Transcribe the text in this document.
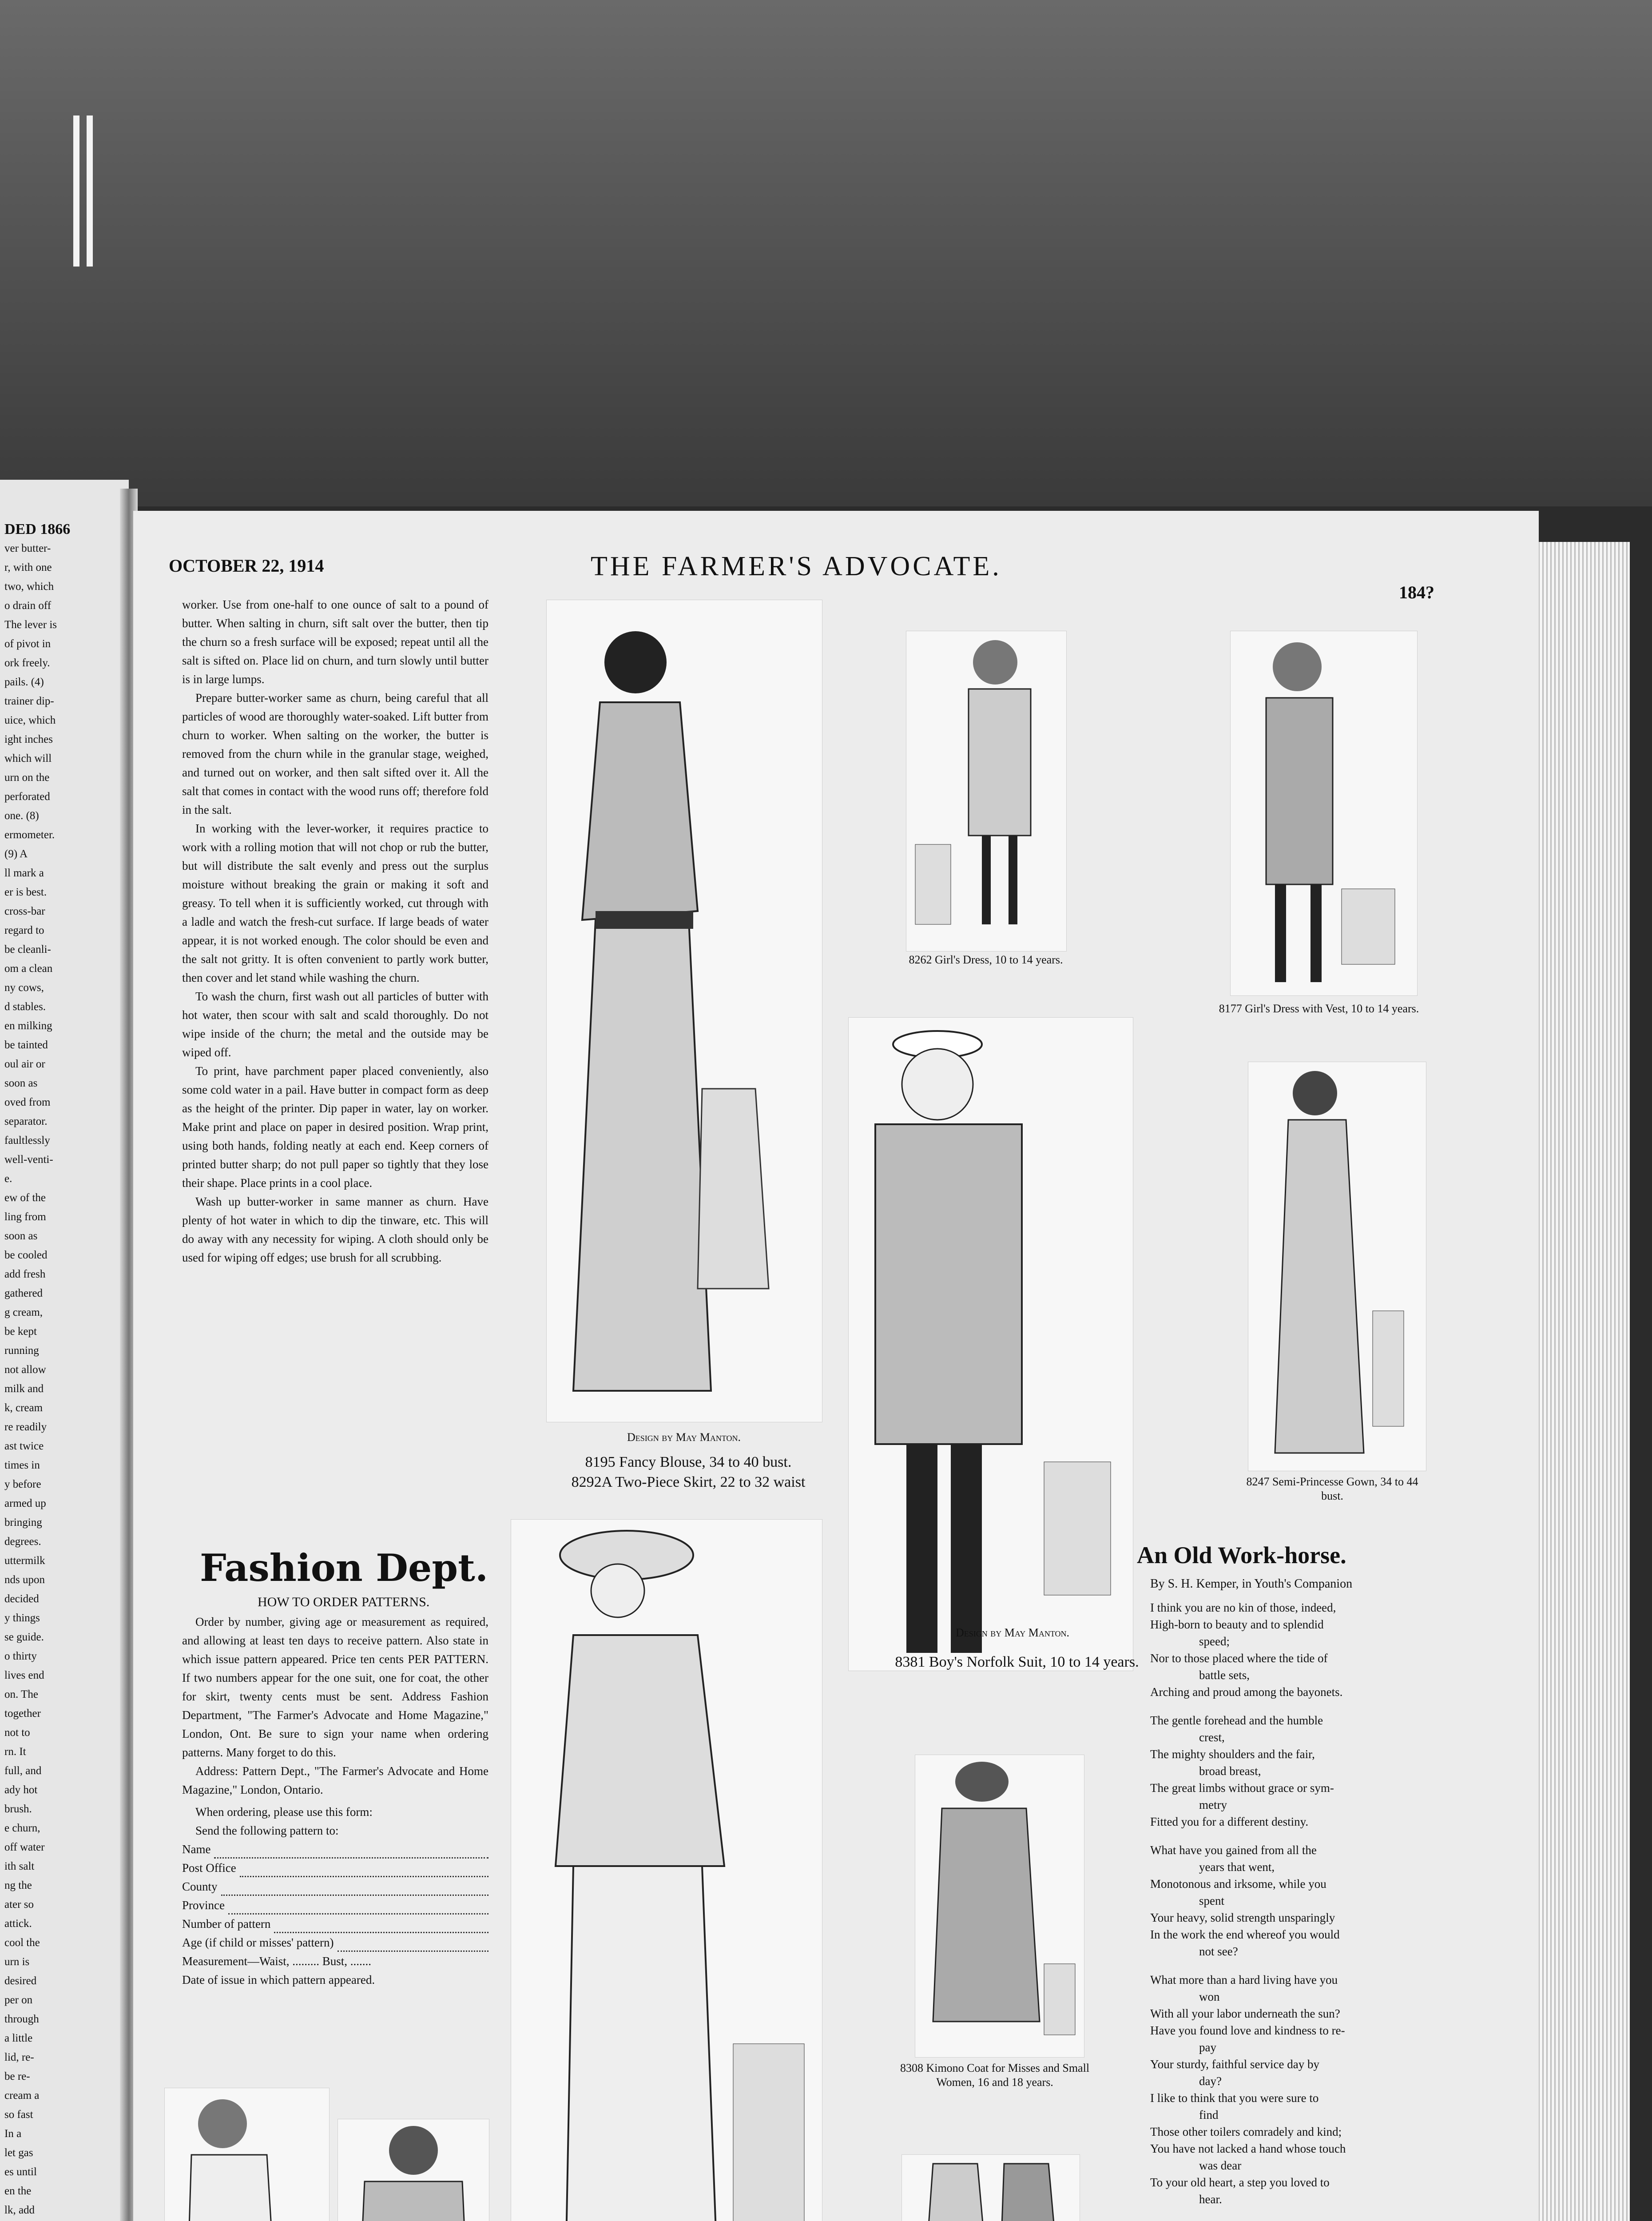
DED 1866

ver butter-

r, with one

two, which

o drain off

The lever is

of pivot in

ork freely.

pails. (4)

trainer dip-

uice, which

ight inches

which will

urn on the

perforated

one. (8)

ermometer.

(9) A

ll mark a

er is best.

cross-bar

regard to

be cleanli-

om a clean

ny cows,

d stables.

en milking

be tainted

oul air or

soon as

oved from

separator.

faultlessly

well-venti-

e.

ew of the

ling from

soon as

be cooled

add fresh

gathered

g cream,

be kept

running

not allow

milk and

k, cream

re readily

ast twice

times in

y before

armed up

bringing

degrees.

uttermilk

nds upon

decided

y things

se guide.

o thirty

lives end

on. The

together

not to

rn. It

full, and

ady hot

brush.

e churn,

off water

ith salt

ng the

ater so

attick.

cool the

urn is

desired

per on

through

a little

lid, re-

be re-

cream a

so fast

In a

let gas

es until

en the

lk, add

OCTOBER 22, 1914	THE FARMER'S ADVOCATE.
184?

worker. Use from one-half to one ounce of salt to a pound of butter. When salting in churn, sift salt over the butter, then tip the churn so a fresh surface will be exposed; repeat until all the salt is sifted on. Place lid on churn, and turn slowly until butter is in large lumps.

Prepare butter-worker same as churn, being careful that all particles of wood are thoroughly water-soaked. Lift butter from churn to worker. When salting on the worker, the butter is removed from the churn while in the granular stage, weighed, and turned out on worker, and then salt sifted over it. All the salt that comes in contact with the wood runs off; therefore fold in the salt.

In working with the lever-worker, it requires practice to work with a rolling motion that will not chop or rub the butter, but will distribute the salt evenly and press out the surplus moisture without breaking the grain or making it soft and greasy. To tell when it is sufficiently worked, cut through with a ladle and watch the fresh-cut surface. If large beads of water appear, it is not worked enough. The color should be even and the salt not gritty. It is often convenient to partly work butter, then cover and let stand while washing the churn.

To wash the churn, first wash out all particles of butter with hot water, then scour with salt and scald thoroughly. Do not wipe inside of the churn; the metal and the outside may be wiped off.

To print, have parchment paper placed conveniently, also some cold water in a pail. Have butter in compact form as deep as the height of the printer. Dip paper in water, lay on worker. Make print and place on paper in desired position. Wrap print, using both hands, folding neatly at each end. Keep corners of printed butter sharp; do not pull paper so tightly that they lose their shape. Place prints in a cool place.

Wash up butter-worker in same manner as churn. Have plenty of hot water in which to dip the tinware, etc. This will do away with any necessity for wiping. A cloth should only be used for wiping off edges; use brush for all scrubbing.

Fashion Dept.
HOW TO ORDER PATTERNS.

Order by number, giving age or measurement as required, and allowing at least ten days to receive pattern. Also state in which issue pattern appeared. Price ten cents PER PATTERN. If two numbers appear for the one suit, one for coat, the other for skirt, twenty cents must be sent. Address Fashion Department, "The Farmer's Advocate and Home Magazine," London, Ont. Be sure to sign your name when ordering patterns. Many forget to do this.

Address: Pattern Dept., "The Farmer's Advocate and Home Magazine," London, Ontario.

When ordering, please use this form:

Send the following pattern to:

Name
Post Office
County
Province
Number of pattern
Age (if child or misses' pattern)
Measurement—Waist, ......... Bust, .......
Date of issue in which pattern appeared.
Design by May Manton.
8195 Fancy Blouse, 34 to 40 bust.
8292A Two-Piece Skirt, 22 to 32 waist
8262 Girl's Dress, 10 to 14 years.
8177 Girl's Dress with Vest, 10 to 14 years.
Design by May Manton.
8381 Boy's Norfolk Suit, 10 to 14 years.
8247 Semi-Princesse Gown, 34 to 44 bust.
8308 Kimono Coat for Misses and Small Women, 16 and 18 years.
An Old Work-horse.
By S. H. Kemper, in Youth's Companion

I think you are no kin of those, indeed,

High-born to beauty and to splendid

speed;

Nor to those placed where the tide of

battle sets,

Arching and proud among the bayonets.

The gentle forehead and the humble

crest,

The mighty shoulders and the fair,

broad breast,

The great limbs without grace or sym-

metry

Fitted you for a different destiny.

What have you gained from all the

years that went,

Monotonous and irksome, while you

spent

Your heavy, solid strength unsparingly

In the work the end whereof you would

not see?

What more than a hard living have you

won

With all your labor underneath the sun?

Have you found love and kindness to re-

pay

Your sturdy, faithful service day by

day?

I like to think that you were sure to

find

Those other toilers comradely and kind;

You have not lacked a hand whose touch

was dear

To your old heart, a step you loved to

hear.
